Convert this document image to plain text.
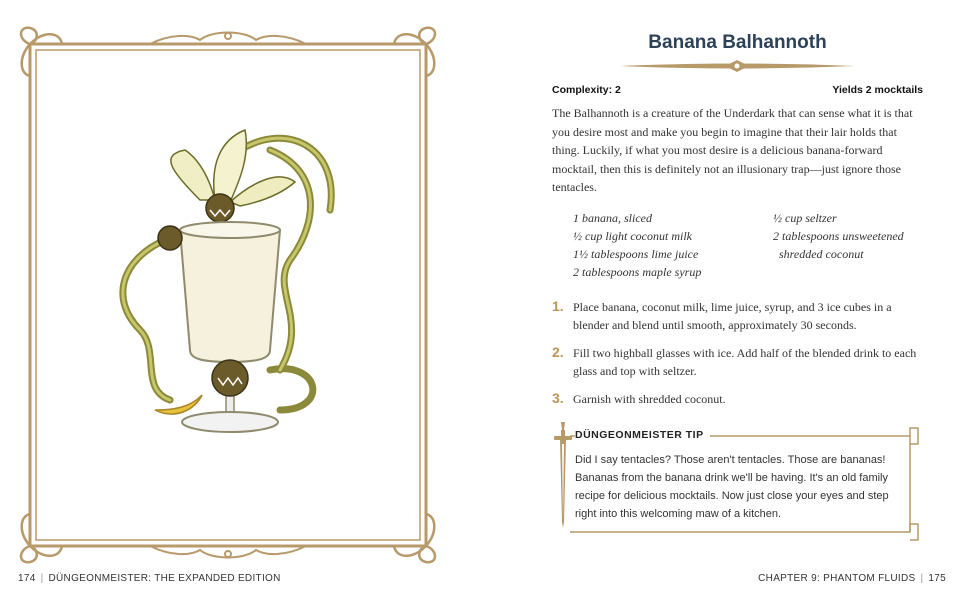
174 | DÜNGEONMEISTER: THE EXPANDED EDITION
Banana Balhannoth
Complexity: 2	Yields 2 mocktails

The Balhannoth is a creature of the Underdark that can sense what it is that you desire most and make you begin to imagine that their lair holds that thing. Luckily, if what you most desire is a delicious banana-forward mocktail, then this is definitely not an illusionary trap—just ignore those tentacles.

1 banana, sliced
½ cup light coconut milk
1½ tablespoons lime juice
2 tablespoons maple syrup
½ cup seltzer
2 tablespoons unsweetened
shredded coconut
1. Place banana, coconut milk, lime juice, syrup, and 3 ice cubes in a blender and blend until smooth, approximately 30 seconds.
2. Fill two highball glasses with ice. Add half of the blended drink to each glass and top with seltzer.
3. Garnish with shredded coconut.
DÜNGEONMEISTER TIP

Did I say tentacles? Those aren't tentacles. Those are bananas! Bananas from the banana drink we'll be having. It's an old family recipe for delicious mocktails. Now just close your eyes and step right into this welcoming maw of a kitchen.

CHAPTER 9: PHANTOM FLUIDS | 175
